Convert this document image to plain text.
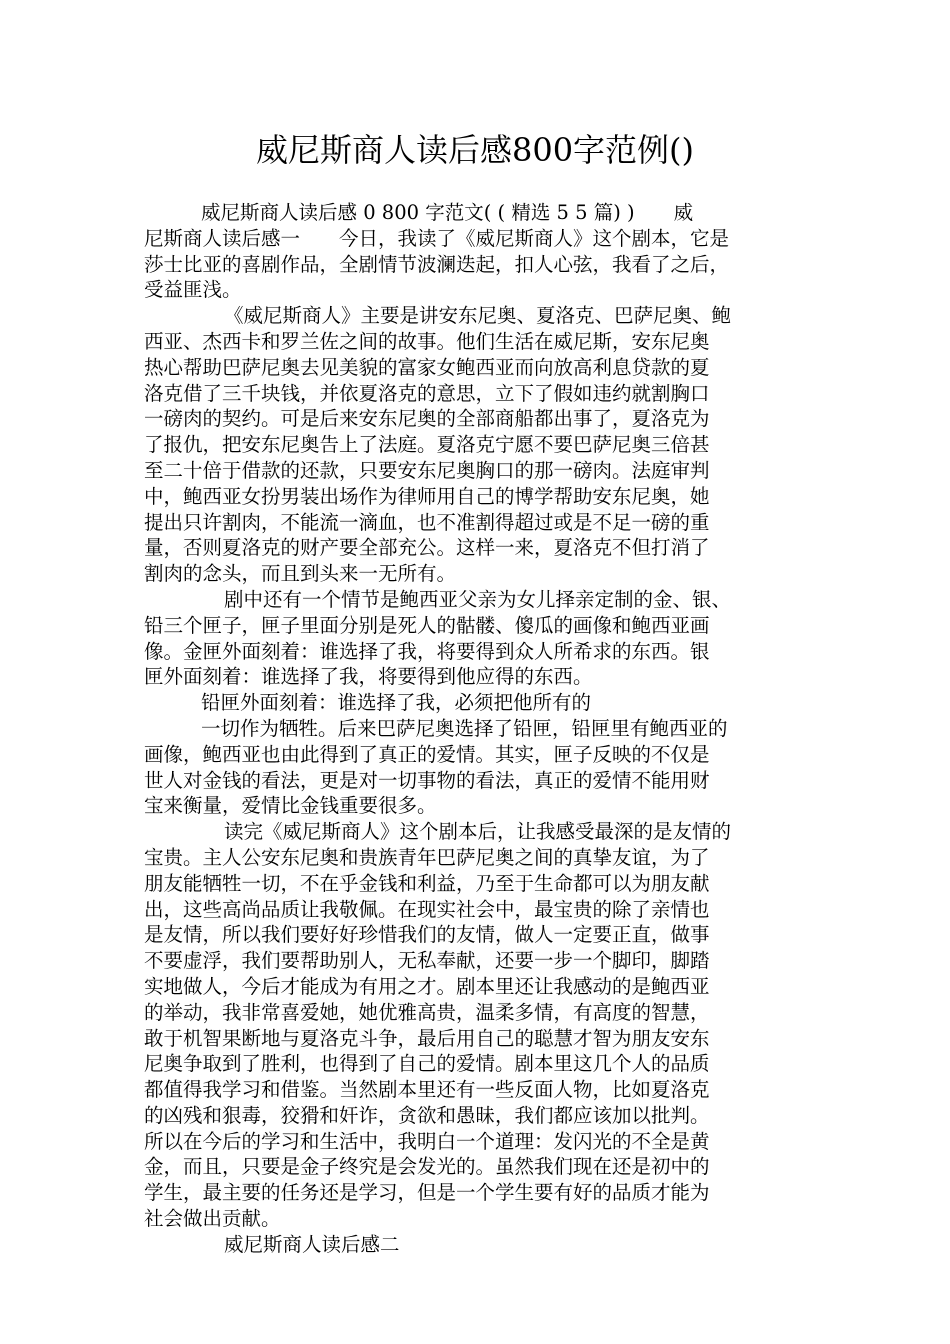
威尼斯商人读后感800字范例()
威尼斯商人读后感 0 800 字范文( ( 精选 5 5 篇) )　　威
尼斯商人读后感一　　今日，我读了《威尼斯商人》这个剧本，它是
莎士比亚的喜剧作品，全剧情节波澜迭起，扣人心弦，我看了之后，
受益匪浅。
《威尼斯商人》主要是讲安东尼奥、夏洛克、巴萨尼奥、鲍
西亚、杰西卡和罗兰佐之间的故事。他们生活在威尼斯，安东尼奥
热心帮助巴萨尼奥去见美貌的富家女鲍西亚而向放高利息贷款的夏
洛克借了三千块钱，并依夏洛克的意思，立下了假如违约就割胸口
一磅肉的契约。可是后来安东尼奥的全部商船都出事了，夏洛克为
了报仇，把安东尼奥告上了法庭。夏洛克宁愿不要巴萨尼奥三倍甚
至二十倍于借款的还款，只要安东尼奥胸口的那一磅肉。法庭审判
中，鲍西亚女扮男装出场作为律师用自己的博学帮助安东尼奥，她
提出只许割肉，不能流一滴血，也不准割得超过或是不足一磅的重
量，否则夏洛克的财产要全部充公。这样一来，夏洛克不但打消了
割肉的念头，而且到头来一无所有。
剧中还有一个情节是鲍西亚父亲为女儿择亲定制的金、银、
铅三个匣子，匣子里面分别是死人的骷髅、傻瓜的画像和鲍西亚画
像。金匣外面刻着：谁选择了我，将要得到众人所希求的东西。银
匣外面刻着：谁选择了我，将要得到他应得的东西。
铅匣外面刻着：谁选择了我，必须把他所有的
一切作为牺牲。后来巴萨尼奥选择了铅匣，铅匣里有鲍西亚的
画像，鲍西亚也由此得到了真正的爱情。其实，匣子反映的不仅是
世人对金钱的看法，更是对一切事物的看法，真正的爱情不能用财
宝来衡量，爱情比金钱重要很多。
读完《威尼斯商人》这个剧本后，让我感受最深的是友情的
宝贵。主人公安东尼奥和贵族青年巴萨尼奥之间的真挚友谊，为了
朋友能牺牲一切，不在乎金钱和利益，乃至于生命都可以为朋友献
出，这些高尚品质让我敬佩。在现实社会中，最宝贵的除了亲情也
是友情，所以我们要好好珍惜我们的友情，做人一定要正直，做事
不要虚浮，我们要帮助别人，无私奉献，还要一步一个脚印，脚踏
实地做人，今后才能成为有用之才。剧本里还让我感动的是鲍西亚
的举动，我非常喜爱她，她优雅高贵，温柔多情，有高度的智慧，
敢于机智果断地与夏洛克斗争，最后用自己的聪慧才智为朋友安东
尼奥争取到了胜利，也得到了自己的爱情。剧本里这几个人的品质
都值得我学习和借鉴。当然剧本里还有一些反面人物，比如夏洛克
的凶残和狠毒，狡猾和奸诈，贪欲和愚昧，我们都应该加以批判。
所以在今后的学习和生活中，我明白一个道理：发闪光的不全是黄
金，而且，只要是金子终究是会发光的。虽然我们现在还是初中的
学生，最主要的任务还是学习，但是一个学生要有好的品质才能为
社会做出贡献。
威尼斯商人读后感二
